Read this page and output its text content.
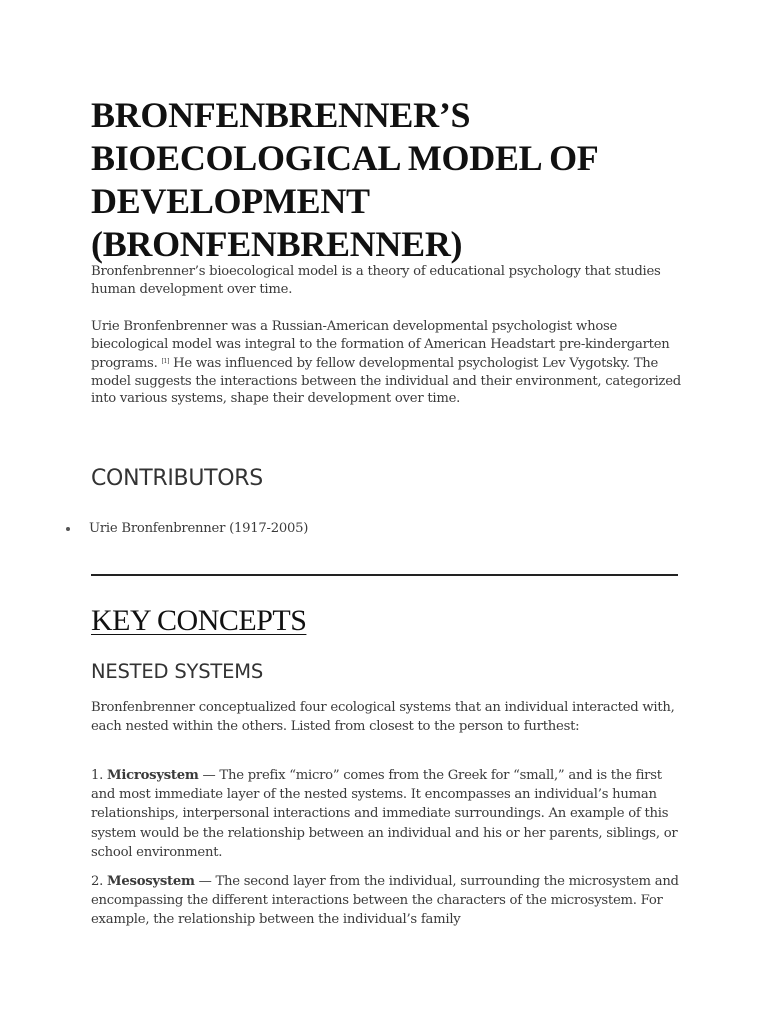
BRONFENBRENNER’S BIOECOLOGICAL MODEL OF DEVELOPMENT (BRONFENBRENNER)

Bronfenbrenner’s bioecological model is a theory of educational psychology that studies human development over time.

Urie Bronfenbrenner was a Russian-American developmental psychologist whose biecological model was integral to the formation of American Headstart pre-kindergarten programs. [1] He was influenced by fellow developmental psychologist Lev Vygotsky. The model suggests the interactions between the individual and their environment, categorized into various systems, shape their development over time.

CONTRIBUTORS
Urie Bronfenbrenner (1917-2005)
KEY CONCEPTS
NESTED SYSTEMS

Bronfenbrenner conceptualized four ecological systems that an individual interacted with, each nested within the others. Listed from closest to the person to furthest:

1. Microsystem — The prefix “micro” comes from the Greek for “small,” and is the first and most immediate layer of the nested systems. It encompasses an individual’s human relationships, interpersonal interactions and immediate surroundings. An example of this system would be the relationship between an individual and his or her parents, siblings, or school environment.

2. Mesosystem — The second layer from the individual, surrounding the microsystem and encompassing the different interactions between the characters of the microsystem. For example, the relationship between the individual’s family
